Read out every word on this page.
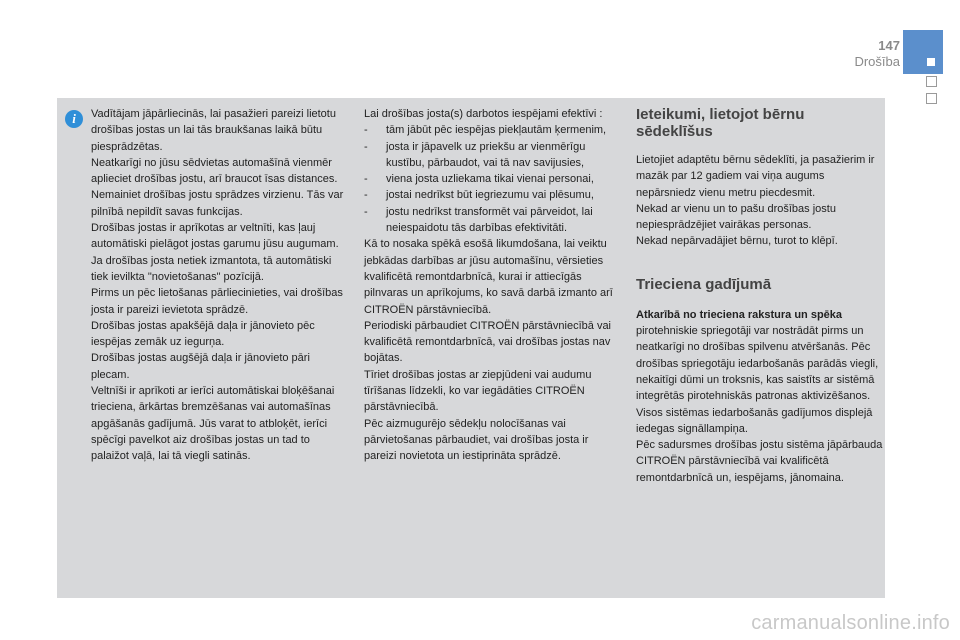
147
Drošība
i	Vadītājam jāpārliecinās, lai pasažieri pareizi lietotu drošības jostas un lai tās braukšanas laikā būtu piesprādzētas.

Neatkarīgi no jūsu sēdvietas automašīnā vienmēr aplieciet drošības jostu, arī braucot īsas distances.

Nemainiet drošības jostu sprādzes virzienu. Tās var pilnībā nepildīt savas funkcijas.

Drošības jostas ir aprīkotas ar veltnīti, kas ļauj automātiski pielāgot jostas garumu jūsu augumam. Ja drošības josta netiek izmantota, tā automātiski tiek ievilkta "novietošanas" pozīcijā.

Pirms un pēc lietošanas pārliecinieties, vai drošības josta ir pareizi ievietota sprādzē.

Drošības jostas apakšējā daļa ir jānovieto pēc iespējas zemāk uz iegurņa.

Drošības jostas augšējā daļa ir jānovieto pāri plecam.

Veltnīši ir aprīkoti ar ierīci automātiskai bloķēšanai trieciena, ārkārtas bremzēšanas vai automašīnas apgāšanās gadījumā. Jūs varat to atbloķēt, ierīci spēcīgi pavelkot aiz drošības jostas un tad to palaižot vaļā, lai tā viegli satinās.

Lai drošības josta(s) darbotos iespējami efektīvi :

- tām jābūt pēc iespējas piekļautām ķermenim,
- josta ir jāpavelk uz priekšu ar vienmērīgu kustību, pārbaudot, vai tā nav savijusies,
- viena josta uzliekama tikai vienai personai,
- jostai nedrīkst būt iegriezumu vai plēsumu,
- jostu nedrīkst transformēt vai pārveidot, lai neiespaidotu tās darbības efektivitāti.

Kā to nosaka spēkā esošā likumdošana, lai veiktu jebkādas darbības ar jūsu automašīnu, vērsieties kvalificētā remontdarbnīcā, kurai ir attiecīgās pilnvaras un aprīkojums, ko savā darbā izmanto arī CITROËN pārstāvniecībā.

Periodiski pārbaudiet CITROËN pārstāvniecībā vai kvalificētā remontdarbnīcā, vai drošības jostas nav bojātas.

Tīriet drošības jostas ar ziepjūdeni vai audumu tīrīšanas līdzekli, ko var iegādāties CITROËN pārstāvniecībā.

Pēc aizmugurējo sēdekļu nolocīšanas vai pārvietošanas pārbaudiet, vai drošības josta ir pareizi novietota un iestiprināta sprādzē.

Ieteikumi, lietojot bērnu sēdeklīšus

Lietojiet adaptētu bērnu sēdeklīti, ja pasažierim ir mazāk par 12 gadiem vai viņa augums nepārsniedz vienu metru piecdesmit.

Nekad ar vienu un to pašu drošības jostu nepiesprādzējiet vairākas personas.

Nekad nepārvadājiet bērnu, turot to klēpī.

Trieciena gadījumā

Atkarībā no trieciena rakstura un spēka
pirotehniskie spriegotāji var nostrādāt pirms un neatkarīgi no drošības spilvenu atvēršanās. Pēc drošības spriegotāju iedarbošanās parādās viegli, nekaitīgi dūmi un troksnis, kas saistīts ar sistēmā integrētās pirotehniskās patronas aktivizēšanos.

Visos sistēmas iedarbošanās gadījumos displejā iedegas signāllampiņa.

Pēc sadursmes drošības jostu sistēma jāpārbauda CITROËN pārstāvniecībā vai kvalificētā remontdarbnīcā un, iespējams, jānomaina.

carmanualsonline.info
